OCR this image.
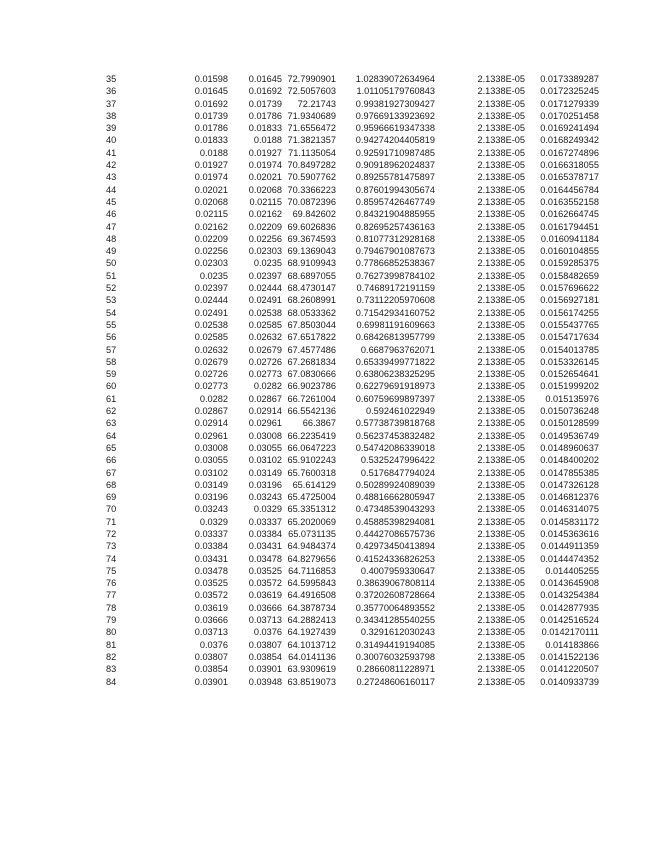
35	0.01598	0.01645	72.7990901	1.02839072634964	2.1338E-05	0.0173389287
36	0.01645	0.01692	72.5057603	1.01105179760843	2.1338E-05	0.0172325245
37	0.01692	0.01739	72.21743	0.99381927309427	2.1338E-05	0.0171279339
38	0.01739	0.01786	71.9340689	0.97669133923692	2.1338E-05	0.0170251458
39	0.01786	0.01833	71.6556472	0.95966619347338	2.1338E-05	0.0169241494
40	0.01833	0.0188	71.3821357	0.94274204405819	2.1338E-05	0.0168249342
41	0.0188	0.01927	71.1135054	0.92591710987485	2.1338E-05	0.0167274896
42	0.01927	0.01974	70.8497282	0.90918962024837	2.1338E-05	0.0166318055
43	0.01974	0.02021	70.5907762	0.89255781475897	2.1338E-05	0.0165378717
44	0.02021	0.02068	70.3366223	0.87601994305674	2.1338E-05	0.0164456784
45	0.02068	0.02115	70.0872396	0.85957426467749	2.1338E-05	0.0163552158
46	0.02115	0.02162	69.842602	0.84321904885955	2.1338E-05	0.0162664745
47	0.02162	0.02209	69.6026836	0.82695257436163	2.1338E-05	0.0161794451
48	0.02209	0.02256	69.3674593	0.81077312928168	2.1338E-05	0.0160941184
49	0.02256	0.02303	69.1369043	0.79467901087673	2.1338E-05	0.0160104855
50	0.02303	0.0235	68.9109943	0.77866852538367	2.1338E-05	0.0159285375
51	0.0235	0.02397	68.6897055	0.76273998784102	2.1338E-05	0.0158482659
52	0.02397	0.02444	68.4730147	0.74689172191159	2.1338E-05	0.0157696622
53	0.02444	0.02491	68.2608991	0.73112205970608	2.1338E-05	0.0156927181
54	0.02491	0.02538	68.0533362	0.71542934160752	2.1338E-05	0.0156174255
55	0.02538	0.02585	67.8503044	0.69981191609663	2.1338E-05	0.0155437765
56	0.02585	0.02632	67.6517822	0.68426813957799	2.1338E-05	0.0154717634
57	0.02632	0.02679	67.4577486	0.6687963762071	2.1338E-05	0.0154013785
58	0.02679	0.02726	67.2681834	0.65339499771822	2.1338E-05	0.0153326145
59	0.02726	0.02773	67.0830666	0.63806238325295	2.1338E-05	0.0152654641
60	0.02773	0.0282	66.9023786	0.62279691918973	2.1338E-05	0.0151999202
61	0.0282	0.02867	66.7261004	0.60759699897397	2.1338E-05	0.015135976
62	0.02867	0.02914	66.5542136	0.592461022949	2.1338E-05	0.0150736248
63	0.02914	0.02961	66.3867	0.57738739818768	2.1338E-05	0.0150128599
64	0.02961	0.03008	66.2235419	0.56237453832482	2.1338E-05	0.0149536749
65	0.03008	0.03055	66.0647223	0.54742086339018	2.1338E-05	0.0148960637
66	0.03055	0.03102	65.9102243	0.5325247996422	2.1338E-05	0.0148400202
67	0.03102	0.03149	65.7600318	0.5176847794024	2.1338E-05	0.0147855385
68	0.03149	0.03196	65.614129	0.50289924089039	2.1338E-05	0.0147326128
69	0.03196	0.03243	65.4725004	0.48816662805947	2.1338E-05	0.0146812376
70	0.03243	0.0329	65.3351312	0.47348539043293	2.1338E-05	0.0146314075
71	0.0329	0.03337	65.2020069	0.45885398294081	2.1338E-05	0.0145831172
72	0.03337	0.03384	65.0731135	0.44427086575736	2.1338E-05	0.0145363616
73	0.03384	0.03431	64.9484374	0.42973450413894	2.1338E-05	0.0144911359
74	0.03431	0.03478	64.8279656	0.41524336826253	2.1338E-05	0.0144474352
75	0.03478	0.03525	64.7116853	0.4007959330647	2.1338E-05	0.014405255
76	0.03525	0.03572	64.5995843	0.38639067808114	2.1338E-05	0.0143645908
77	0.03572	0.03619	64.4916508	0.37202608728664	2.1338E-05	0.0143254384
78	0.03619	0.03666	64.3878734	0.35770064893552	2.1338E-05	0.0142877935
79	0.03666	0.03713	64.2882413	0.34341285540255	2.1338E-05	0.0142516524
80	0.03713	0.0376	64.1927439	0.3291612030243	2.1338E-05	0.0142170111
81	0.0376	0.03807	64.1013712	0.31494419194085	2.1338E-05	0.014183866
82	0.03807	0.03854	64.0141136	0.30076032593798	2.1338E-05	0.0141522136
83	0.03854	0.03901	63.9309619	0.28660811228971	2.1338E-05	0.0141220507
84	0.03901	0.03948	63.8519073	0.27248606160117	2.1338E-05	0.0140933739
